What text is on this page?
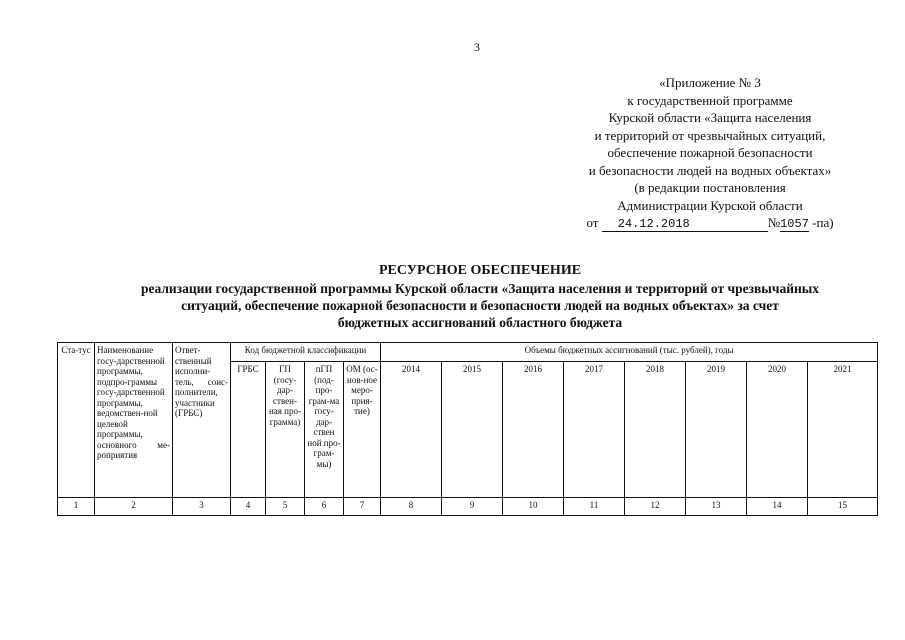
3
«Приложение № 3
к государственной программе
Курской области «Защита населения
и территорий от чрезвычайных ситуаций,
обеспечение пожарной безопасности
и безопасности людей на водных объектах»
(в редакции постановления
Администрации Курской области
от 24.12.2018	№1057 -па)
РЕСУРСНОЕ ОБЕСПЕЧЕНИЕ
реализации государственной программы Курской области «Защита населения и территорий от чрезвычайных
ситуаций, обеспечение пожарной безопасности и безопасности людей на водных объектах» за счет
бюджетных ассигнований областного бюджета
Ста-тус	Наименование госу-дарственной программы, подпро-граммы госу-дарственной программы, ведомствен-ной целевой программы, основного ме-роприятия	Ответ-ственный исполни-тель, соис-полнители, участники (ГРБС)	Код бюджетной классификации				Объемы бюджетных ассигнований (тыс. рублей), годы							
			ГРБС	ГП (госу-дар-ствен-ная про-грамма)	пГП (под-про-грам-ма госу-дар-ствен ной про-грам-мы)	ОМ (ос-нов-ное меро-прия-тие)	2014	2015	2016	2017	2018	2019	2020	2021
1	2	3	4	5	6	7	8	9	10	11	12	13	14	15
